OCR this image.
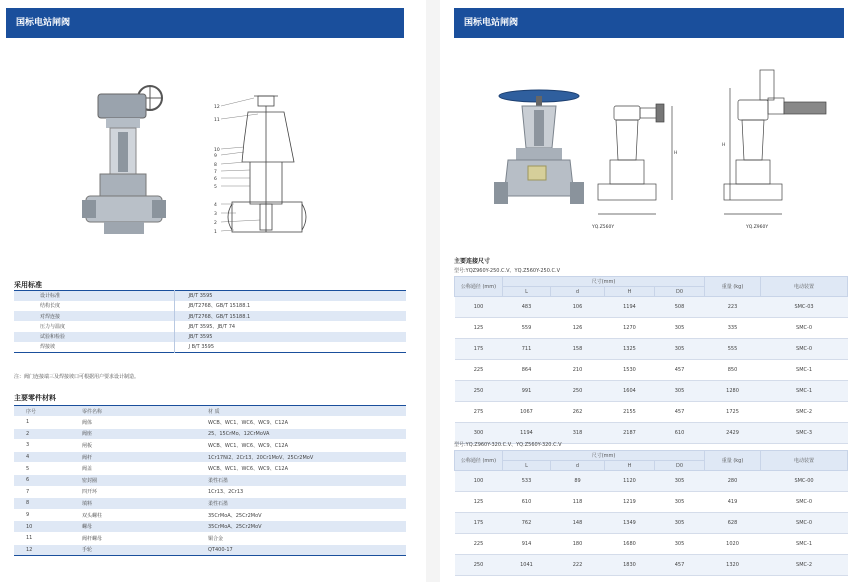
国标电站闸阀
12
11
10
9
8
7
6
5
4
3
2
1
采用标准
设计标准	JB/T 3595
结构长度	JB/T2768、GB/T 15188.1
对焊连接	JB/T2768、GB/T 15188.1
压力与温度	JB/T 3595、JB/T 74
试验和检验	JB/T 3595
焊接坡	J B/T 3595
注：阀门连接端三及焊接坡口可根据用户要求设计制造。
主要零件材料
序号	零件名称	材 质
1	阀体	WCB、WC1、WC6、WC9、C12A
2	阀座	25、15CrMo、12CrMoVA
3	闸板	WCB、WC1、WC6、WC9、C12A
4	阀杆	1Cr17Ni2、2Cr13、20Cr1MoV、25Cr2MoV
5	阀盖	WCB、WC1、WC6、WC9、C12A
6	密封圈	柔性石墨
7	四开环	1Cr13、2Cr13
8	填料	柔性石墨
9	双头螺柱	35CrMoA、25Cr2MoV
10	螺母	35CrMoA、25Cr2MoV
11	阀杆螺母	铜合金
12	手轮	QT400-17
国标电站闸阀
YQ.Z560Y
H
H
YQ.Z960Y
主要连接尺寸
型号:YQZ960Y-250.C.V、YQ.Z560Y-250.C.V
公称通径 (mm)	尺寸(mm)				重量 (kg)	电动装置
	L	d	H	D0		
100	483	106	1194	508	223	SMC-03
125	559	126	1270	305	335	SMC-0
175	711	158	1325	305	555	SMC-0
225	864	210	1530	457	850	SMC-1
250	991	250	1604	305	1280	SMC-1
275	1067	262	2155	457	1725	SMC-2
300	1194	318	2187	610	2429	SMC-3
型号:YQ.Z960Y-320.C.V、YQ.Z560Y-320.C.V
公称通径 (mm)	尺寸(mm)				重量 (kg)	电动装置
	L	d	H	D0		
100	533	89	1120	305	280	SMC-00
125	610	118	1219	305	419	SMC-0
175	762	148	1349	305	628	SMC-0
225	914	180	1680	305	1020	SMC-1
250	1041	222	1830	457	1320	SMC-2
